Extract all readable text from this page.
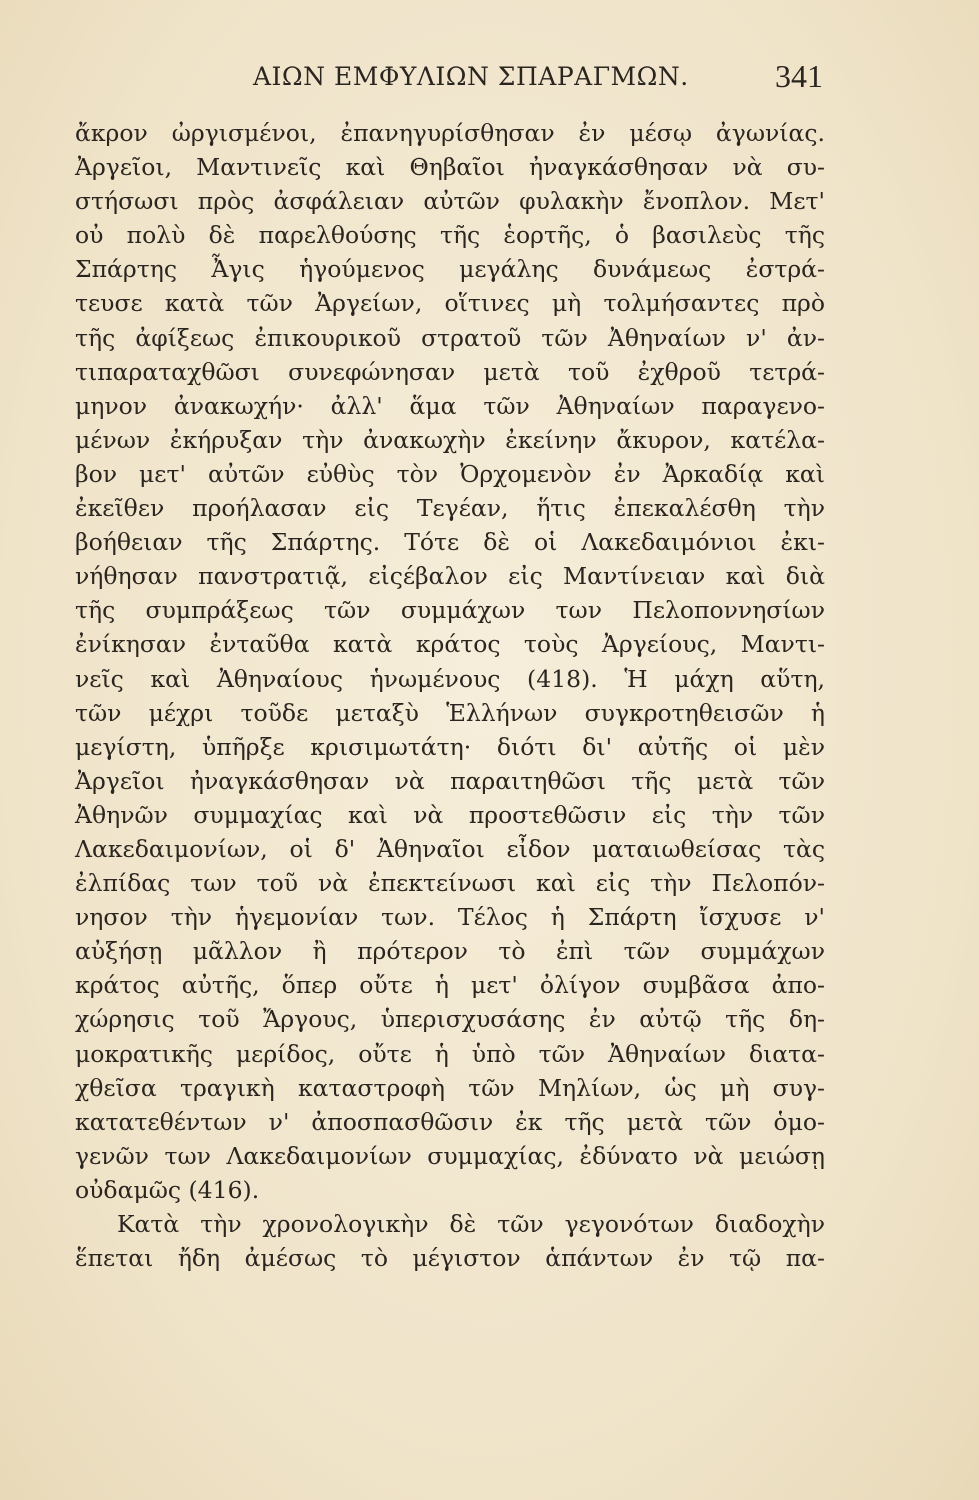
ΑΙΩΝ ΕΜΦΥΛΙΩΝ ΣΠΑΡΑΓΜΩΝ.	341
ἄκρον ὠργισμένοι, ἐπανηγυρίσθησαν ἐν μέσῳ ἀγωνίας.
Ἀργεῖοι, Μαντινεῖς καὶ Θηβαῖοι ἠναγκάσθησαν νὰ συ-
στήσωσι πρὸς ἀσφάλειαν αὐτῶν φυλακὴν ἔνοπλον. Μετ'
οὐ πολὺ δὲ παρελθούσης τῆς ἑορτῆς, ὁ βασιλεὺς τῆς
Σπάρτης Ἆγις ἡγούμενος μεγάλης δυνάμεως ἐστρά-
τευσε κατὰ τῶν Ἀργείων, οἵτινες μὴ τολμήσαντες πρὸ
τῆς ἀφίξεως ἐπικουρικοῦ στρατοῦ τῶν Ἀθηναίων ν' ἀν-
τιπαραταχθῶσι συνεφώνησαν μετὰ τοῦ ἐχθροῦ τετρά-
μηνον ἀνακωχήν· ἀλλ' ἅμα τῶν Ἀθηναίων παραγενο-
μένων ἐκήρυξαν τὴν ἀνακωχὴν ἐκείνην ἄκυρον, κατέλα-
βον μετ' αὐτῶν εὐθὺς τὸν Ὀρχομενὸν ἐν Ἀρκαδίᾳ καὶ
ἐκεῖθεν προήλασαν εἰς Τεγέαν, ἥτις ἐπεκαλέσθη τὴν
βοήθειαν τῆς Σπάρτης. Τότε δὲ οἱ Λακεδαιμόνιοι ἐκι-
νήθησαν πανστρατιᾷ, εἰςέβαλον εἰς Μαντίνειαν καὶ διὰ
τῆς συμπράξεως τῶν συμμάχων των Πελοποννησίων
ἐνίκησαν ἐνταῦθα κατὰ κράτος τοὺς Ἀργείους, Μαντι-
νεῖς καὶ Ἀθηναίους ἡνωμένους (418). Ἡ μάχη αὕτη,
τῶν μέχρι τοῦδε μεταξὺ Ἑλλήνων συγκροτηθεισῶν ἡ
μεγίστη, ὑπῆρξε κρισιμωτάτη· διότι δι' αὐτῆς οἱ μὲν
Ἀργεῖοι ἠναγκάσθησαν νὰ παραιτηθῶσι τῆς μετὰ τῶν
Ἀθηνῶν συμμαχίας καὶ νὰ προστεθῶσιν εἰς τὴν τῶν
Λακεδαιμονίων, οἱ δ' Ἀθηναῖοι εἶδον ματαιωθείσας τὰς
ἐλπίδας των τοῦ νὰ ἐπεκτείνωσι καὶ εἰς τὴν Πελοπόν-
νησον τὴν ἡγεμονίαν των. Τέλος ἡ Σπάρτη ἴσχυσε ν'
αὐξήσῃ μᾶλλον ἢ πρότερον τὸ ἐπὶ τῶν συμμάχων
κράτος αὐτῆς, ὅπερ οὔτε ἡ μετ' ὀλίγον συμβᾶσα ἀπο-
χώρησις τοῦ Ἄργους, ὑπερισχυσάσης ἐν αὐτῷ τῆς δη-
μοκρατικῆς μερίδος, οὔτε ἡ ὑπὸ τῶν Ἀθηναίων διατα-
χθεῖσα τραγικὴ καταστροφὴ τῶν Μηλίων, ὡς μὴ συγ-
κατατεθέντων ν' ἀποσπασθῶσιν ἐκ τῆς μετὰ τῶν ὁμο-
γενῶν των Λακεδαιμονίων συμμαχίας, ἐδύνατο νὰ μειώσῃ
οὐδαμῶς (416).
Κατὰ τὴν χρονολογικὴν δὲ τῶν γεγονότων διαδοχὴν
ἕπεται ἤδη ἀμέσως τὸ μέγιστον ἁπάντων ἐν τῷ πα-
